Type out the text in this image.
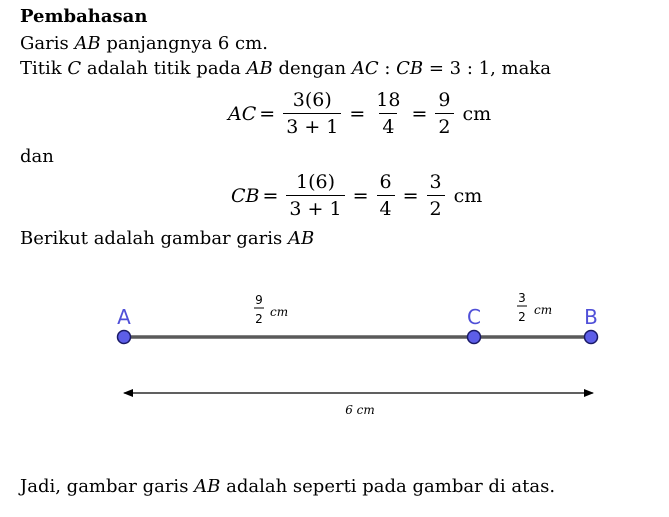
Pembahasan
Garis AB panjangnya 6 cm.
Titik C adalah titik pada AB dengan AC : CB = 3 : 1, maka
AC = $\frac{3(6)}{3 + 1} = \frac{18}{4} = \frac{9}{2}$ cm
dan
CB = $\frac{1(6)}{3 + 1} = \frac{6}{4} = \frac{3}{2}$ cm
Berikut adalah gambar garis AB
A	C	B
9
2 cm
3
2 cm
6 cm
Jadi, gambar garis AB adalah seperti pada gambar di atas.
